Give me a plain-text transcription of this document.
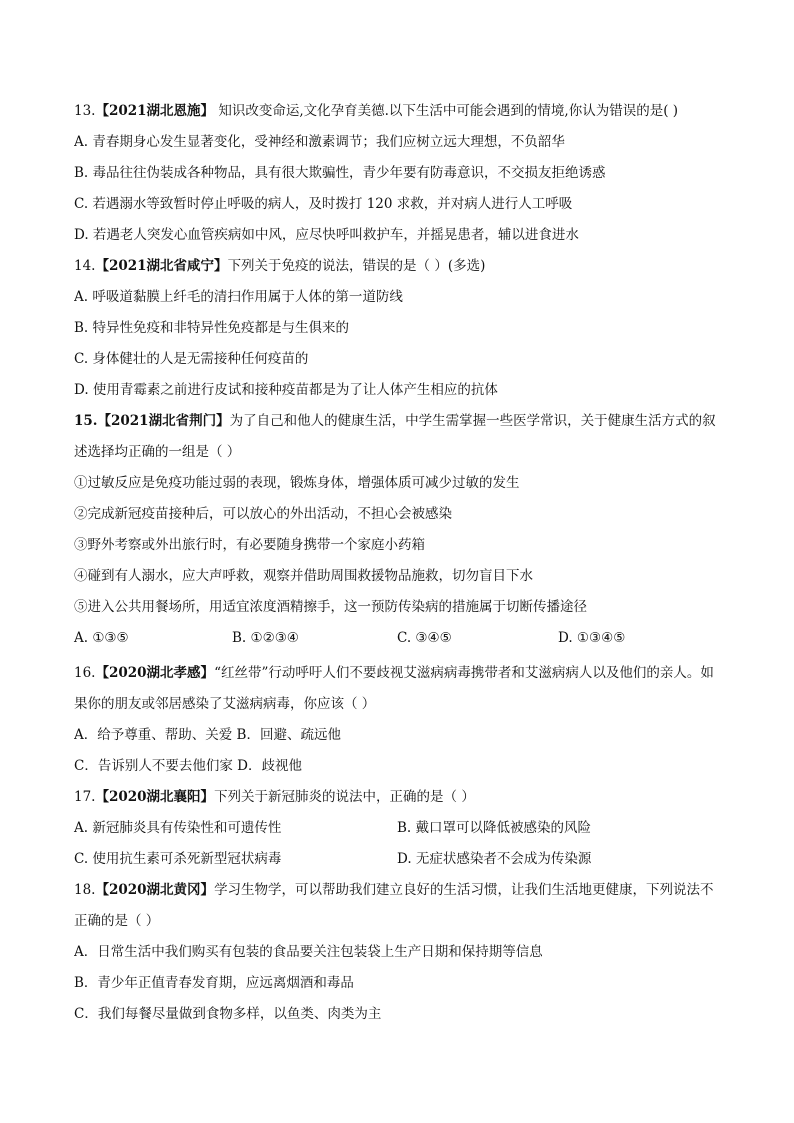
13.【2021湖北恩施】 知识改变命运,文化孕育美德.以下生活中可能会遇到的情境,你认为错误的是( )
A. 青春期身心发生显著变化，受神经和激素调节；我们应树立远大理想，不负韶华
B. 毒品往往伪装成各种物品，具有很大欺骗性，青少年要有防毒意识，不交损友拒绝诱惑
C. 若遇溺水等致暂时停止呼吸的病人，及时拨打 120 求救，并对病人进行人工呼吸
D. 若遇老人突发心血管疾病如中风，应尽快呼叫救护车，并摇晃患者，辅以进食进水
14.【2021湖北省咸宁】下列关于免疫的说法，错误的是（ ）(多选)
A. 呼吸道黏膜上纤毛的清扫作用属于人体的第一道防线
B. 特异性免疫和非特异性免疫都是与生俱来的
C. 身体健壮的人是无需接种任何疫苗的
D. 使用青霉素之前进行皮试和接种疫苗都是为了让人体产生相应的抗体
15.【2021湖北省荆门】为了自己和他人的健康生活，中学生需掌握一些医学常识，关于健康生活方式的叙
述选择均正确的一组是（ ）
①过敏反应是免疫功能过弱的表现，锻炼身体，增强体质可减少过敏的发生
②完成新冠疫苗接种后，可以放心的外出活动，不担心会被感染
③野外考察或外出旅行时，有必要随身携带一个家庭小药箱
④碰到有人溺水，应大声呼救，观察并借助周围救援物品施救，切勿盲目下水
⑤进入公共用餐场所，用适宜浓度酒精擦手，这一预防传染病的措施属于切断传播途径
A. ①③⑤	B. ①②③④	C. ③④⑤	D. ①③④⑤
16.【2020湖北孝感】“红丝带”行动呼吁人们不要歧视艾滋病病毒携带者和艾滋病病人以及他们的亲人。如
果你的朋友或邻居感染了艾滋病病毒，你应该（ ）
A．给予尊重、帮助、关爱 B．回避、疏远他
C．告诉别人不要去他们家 D．歧视他
17.【2020湖北襄阳】下列关于新冠肺炎的说法中，正确的是（ ）
A. 新冠肺炎具有传染性和可遗传性	B. 戴口罩可以降低被感染的风险
C. 使用抗生素可杀死新型冠状病毒	D. 无症状感染者不会成为传染源
18.【2020湖北黄冈】学习生物学，可以帮助我们建立良好的生活习惯，让我们生活地更健康，下列说法不
正确的是（ ）
A．日常生活中我们购买有包装的食品要关注包装袋上生产日期和保持期等信息
B．青少年正值青春发育期，应远离烟酒和毒品
C．我们每餐尽量做到食物多样，以鱼类、肉类为主
